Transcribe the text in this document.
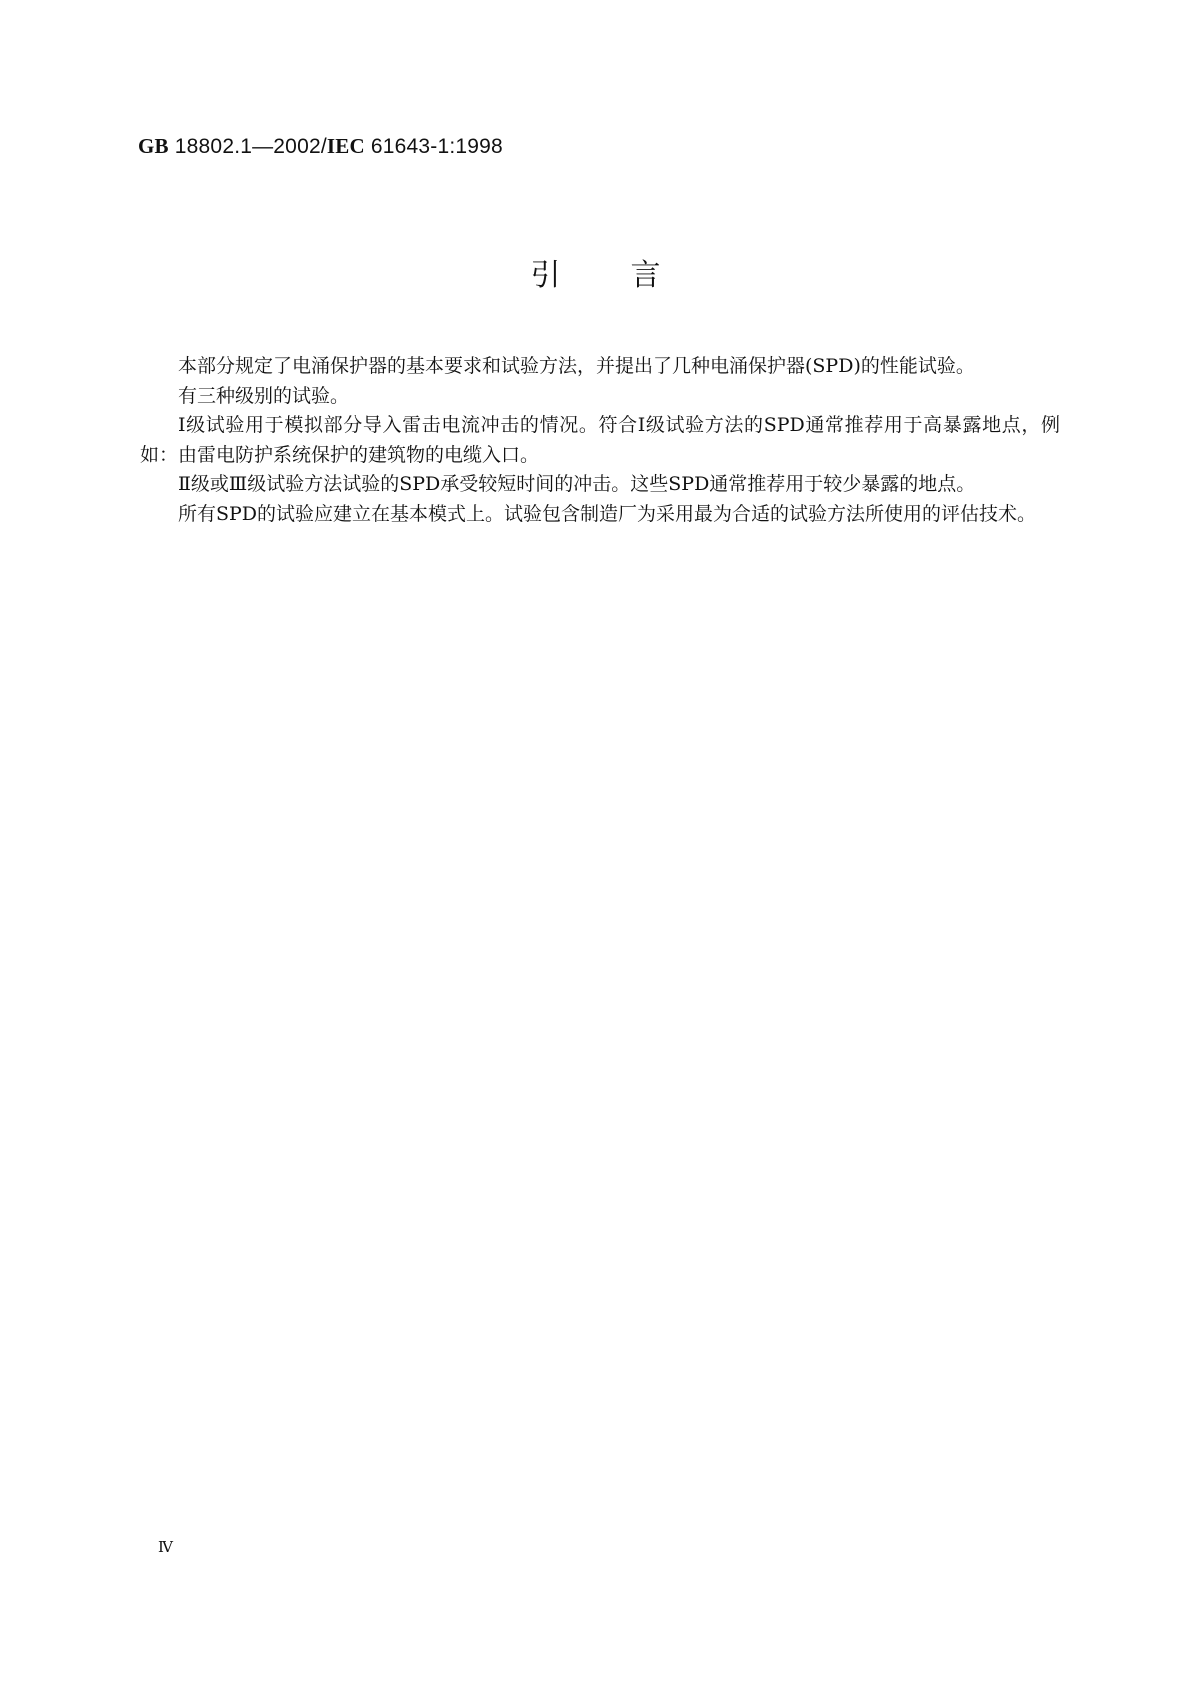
GB 18802.1—2002/IEC 61643-1:1998
引言

本部分规定了电涌保护器的基本要求和试验方法，并提出了几种电涌保护器(SPD)的性能试验。

有三种级别的试验。

Ⅰ级试验用于模拟部分导入雷击电流冲击的情况。符合Ⅰ级试验方法的SPD通常推荐用于高暴露地点，例如：由雷电防护系统保护的建筑物的电缆入口。

Ⅱ级或Ⅲ级试验方法试验的SPD承受较短时间的冲击。这些SPD通常推荐用于较少暴露的地点。

所有SPD的试验应建立在基本模式上。试验包含制造厂为采用最为合适的试验方法所使用的评估技术。

Ⅳ
